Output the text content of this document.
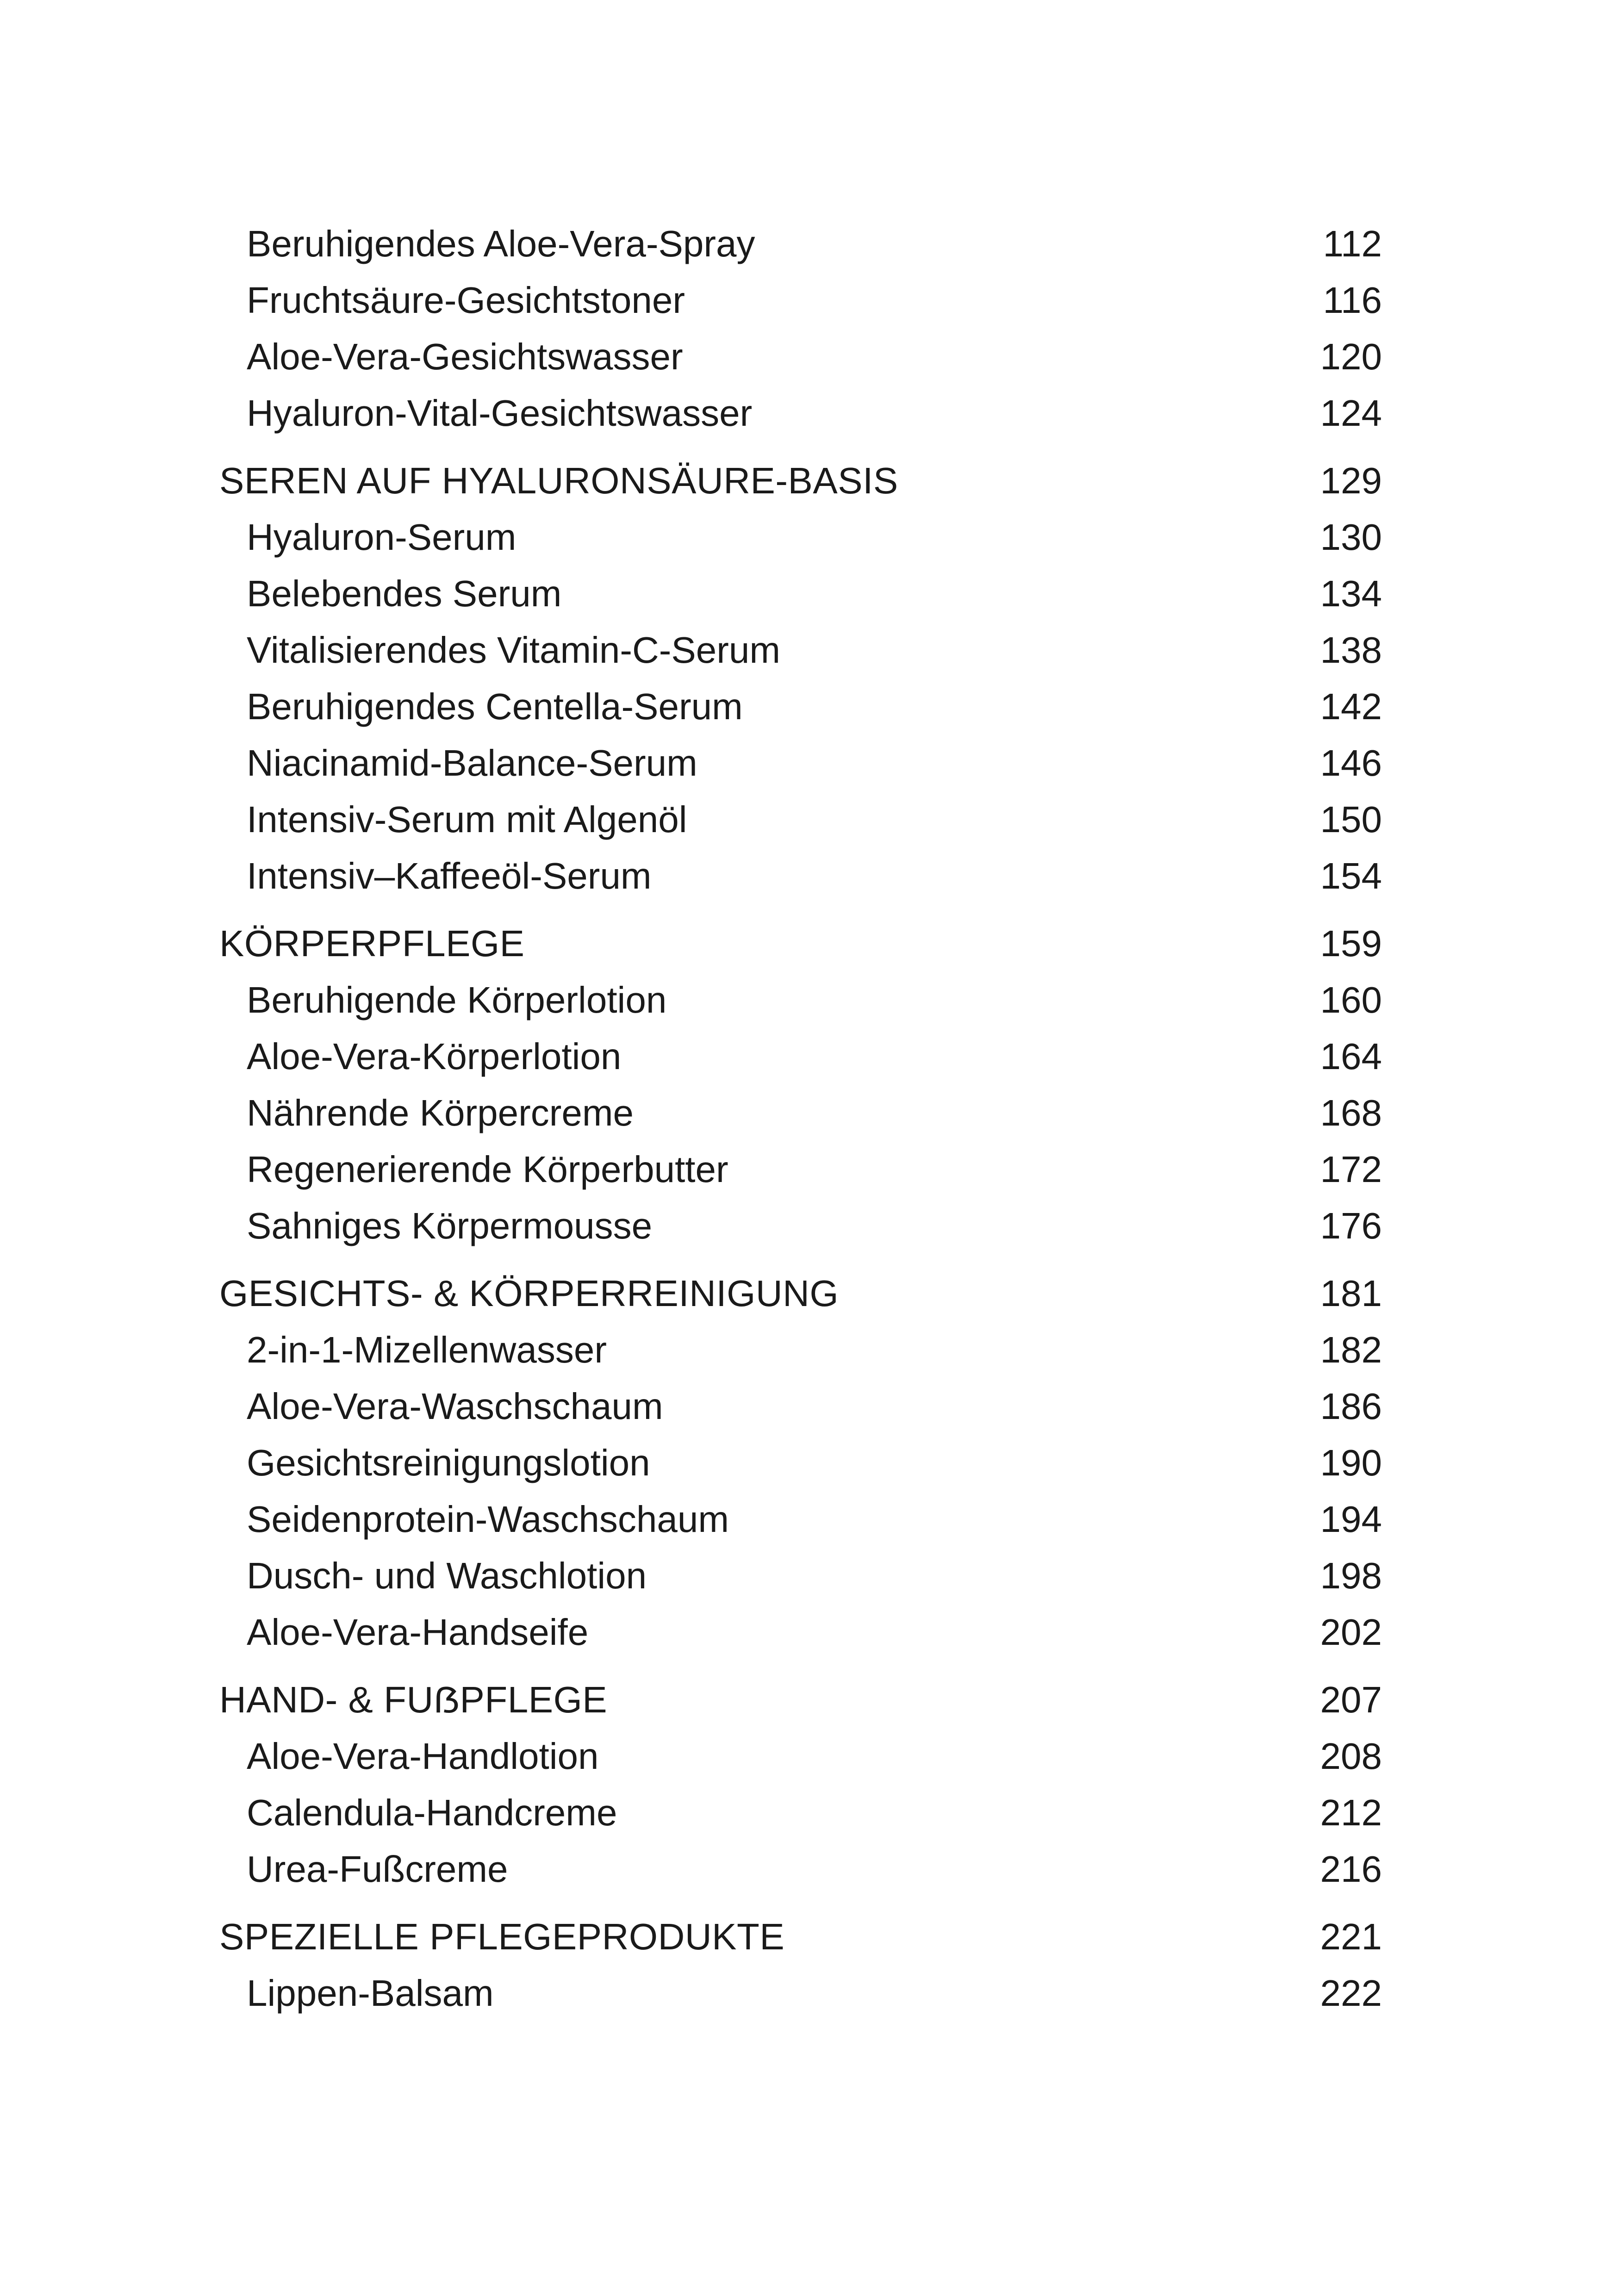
Beruhigendes Aloe-Vera-Spray	112
Fruchtsäure-Gesichtstoner	116
Aloe-Vera-Gesichtswasser	120
Hyaluron-Vital-Gesichtswasser	124
SEREN AUF HYALURONSÄURE-BASIS	129
Hyaluron-Serum	130
Belebendes Serum	134
Vitalisierendes Vitamin-C-Serum	138
Beruhigendes Centella-Serum	142
Niacinamid-Balance-Serum	146
Intensiv-Serum mit Algenöl	150
Intensiv–Kaffeeöl-Serum	154
KÖRPERPFLEGE	159
Beruhigende Körperlotion	160
Aloe-Vera-Körperlotion	164
Nährende Körpercreme	168
Regenerierende Körperbutter	172
Sahniges Körpermousse	176
GESICHTS- & KÖRPERREINIGUNG	181
2-in-1-Mizellenwasser	182
Aloe-Vera-Waschschaum	186
Gesichtsreinigungslotion	190
Seidenprotein-Waschschaum	194
Dusch- und Waschlotion	198
Aloe-Vera-Handseife	202
HAND- & FUẞPFLEGE	207
Aloe-Vera-Handlotion	208
Calendula-Handcreme	212
Urea-Fußcreme	216
SPEZIELLE PFLEGEPRODUKTE	221
Lippen-Balsam	222
